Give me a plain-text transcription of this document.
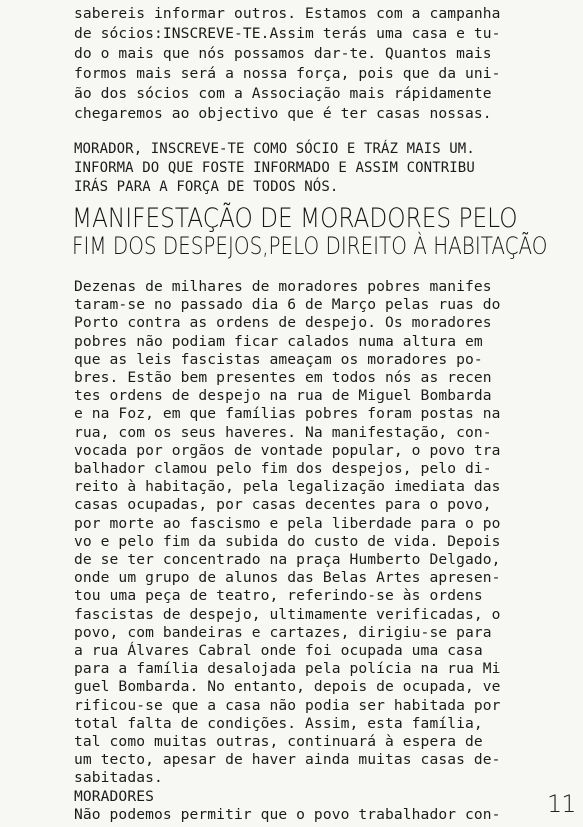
sabereis informar outros. Estamos com a campanha
de sócios:INSCREVE-TE.Assim terás uma casa e tu-
do o mais que nós possamos dar-te. Quantos mais
formos mais será a nossa força, pois que da uni-
ão dos sócios com a Associação mais rápidamente
chegaremos ao objectivo que é ter casas nossas.

MORADOR, INSCREVE-TE COMO SÓCIO E TRÁZ MAIS UM.
INFORMA DO QUE FOSTE INFORMADO E ASSIM CONTRIBU
IRÁS PARA A FORÇA DE TODOS NÓS.

MANIFESTAÇÃO DE MORADORES PELO
FIM DOS DESPEJOS,PELO DIREITO À HABITAÇÃO

Dezenas de milhares de moradores pobres manifes
taram-se no passado dia 6 de Março pelas ruas do
Porto contra as ordens de despejo. Os moradores
pobres não podiam ficar calados numa altura em
que as leis fascistas ameaçam os moradores po-
bres. Estão bem presentes em todos nós as recen
tes ordens de despejo na rua de Miguel Bombarda
e na Foz, em que famílias pobres foram postas na
rua, com os seus haveres. Na manifestação, con-
vocada por orgãos de vontade popular, o povo tra
balhador clamou pelo fim dos despejos, pelo di-
reito à habitação, pela legalização imediata das
casas ocupadas, por casas decentes para o povo,
por morte ao fascismo e pela liberdade para o po
vo e pelo fim da subida do custo de vida. Depois
de se ter concentrado na praça Humberto Delgado,
onde um grupo de alunos das Belas Artes apresen-
tou uma peça de teatro, referindo-se às ordens
fascistas de despejo, ultimamente verificadas, o
povo, com bandeiras e cartazes, dirigiu-se para
a rua Álvares Cabral onde foi ocupada uma casa
para a família desalojada pela polícia na rua Mi
guel Bombarda. No entanto, depois de ocupada, ve
rificou-se que a casa não podia ser habitada por
total falta de condições. Assim, esta família,
tal como muitas outras, continuará à espera de
um tecto, apesar de haver ainda muitas casas de-
sabitadas.
MORADORES
Não podemos permitir que o povo trabalhador con-	11
